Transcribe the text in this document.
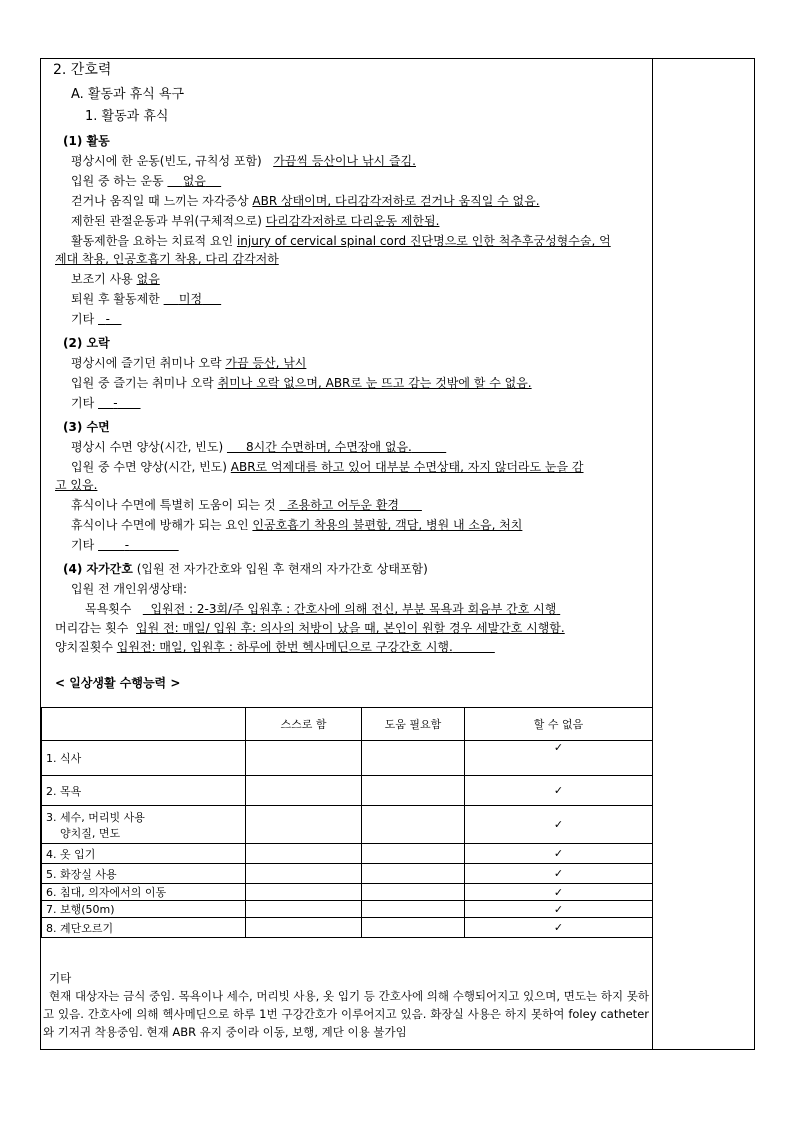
2. 간호력
A. 활동과 휴식 욕구
1. 활동과 휴식
(1) 활동
평상시에 한 운동(빈도, 규칙성 포함) 가끔씩 등산이나 낚시 즐김.
입원 중 하는 운동 없음
걷거나 움직일 때 느끼는 자각증상 ABR 상태이며, 다리감각저하로 걷거나 움직일 수 없음.
제한된 관절운동과 부위(구체적으로) 다리감각저하로 다리운동 제한됨.
활동제한을 요하는 치료적 요인 injury of cervical spinal cord 진단명으로 인한 척추후궁성형수술, 억
제대 착용, 인공호흡기 착용, 다리 감각저하
보조기 사용 없음
퇴원 후 활동제한 미정
기타 -
(2) 오락
평상시에 즐기던 취미나 오락 가끔 등산, 낚시
입원 중 즐기는 취미나 오락 취미나 오락 없으며, ABR로 눈 뜨고 감는 것밖에 할 수 없음.
기타 -
(3) 수면
평상시 수면 양상(시간, 빈도) 8시간 수면하며, 수면장애 없음.
입원 중 수면 양상(시간, 빈도) ABR로 억제대를 하고 있어 대부분 수면상태, 자지 않더라도 눈을 감
고 있음.
휴식이나 수면에 특별히 도움이 되는 것 조용하고 어두운 환경
휴식이나 수면에 방해가 되는 요인 인공호흡기 착용의 불편함, 객담, 병원 내 소음, 처치
기타	-
(4) 자가간호 (입원 전 자가간호와 입원 후 현재의 자가간호 상태포함)
입원 전 개인위생상태:
목욕횟수 입원전 : 2-3회/주 입원후 : 간호사에 의해 전신, 부분 목욕과 회음부 간호 시행
머리감는 횟수 입원 전: 매일/ 입원 후: 의사의 처방이 났을 때, 본인이 원할 경우 세발간호 시행함.
양치질횟수 입원전: 매일, 입원후 : 하루에 한번 헥사메딘으로 구강간호 시행.
< 일상생활 수행능력 >
	스스로 함	도움 필요함	할 수 없음
1. 식사			✓
2. 목욕			✓

3. 세수, 머리빗 사용
양치질, 면도			✓
4. 옷 입기			✓
5. 화장실 사용			✓
6. 침대, 의자에서의 이동			✓
7. 보행(50m)			✓
8. 계단오르기			✓
기타
현재 대상자는 금식 중임. 목욕이나 세수, 머리빗 사용, 옷 입기 등 간호사에 의해 수행되어지고 있으며, 면도는 하지 못하고 있음. 간호사에 의해 헥사메딘으로 하루 1번 구강간호가 이루어지고 있음. 화장실 사용은 하지 못하여 foley catheter와 기저귀 착용중임. 현재 ABR 유지 중이라 이동, 보행, 계단 이용 불가임
